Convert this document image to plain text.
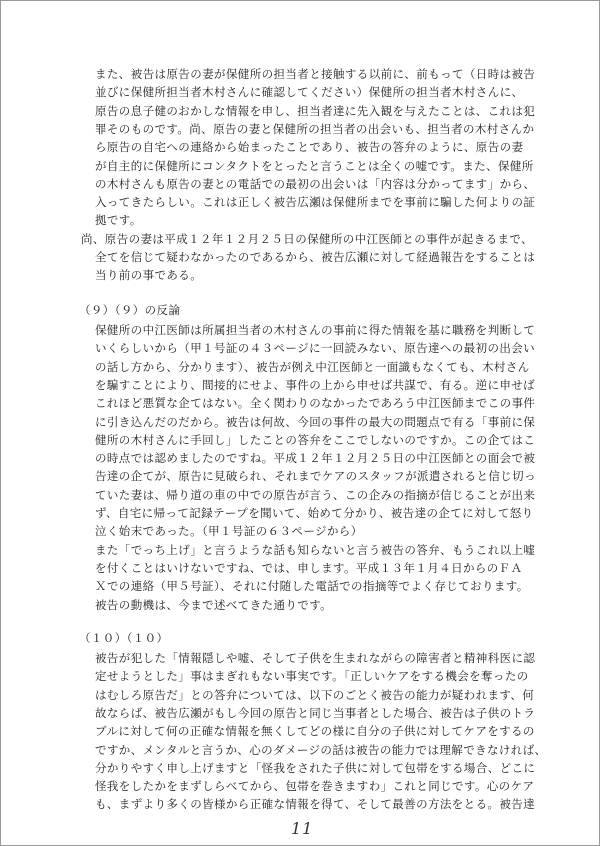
また、被告は原告の妻が保健所の担当者と接触する以前に、前もって（日時は被告
並びに保健所担当者木村さんに確認してください）保健所の担当者木村さんに、
原告の息子健のおかしな情報を申し、担当者達に先入観を与えたことは、これは犯
罪そのものです。尚、原告の妻と保健所の担当者の出会いも、担当者の木村さんか
ら原告の自宅への連絡から始まったことであり、被告の答弁のように、原告の妻
が自主的に保健所にコンタクトをとったと言うことは全くの嘘です。また、保健所
の木村さんも原告の妻との電話での最初の出会いは「内容は分かってます」から、
入ってきたらしい。これは正しく被告広瀬は保健所までを事前に騙した何よりの証
拠です。
尚、原告の妻は平成１２年１２月２５日の保健所の中江医師との事件が起きるまで、
全てを信じて疑わなかったのであるから、被告広瀬に対して経過報告をすることは
当り前の事である。
（９）（９）の反論
保健所の中江医師は所属担当者の木村さんの事前に得た情報を基に職務を判断して
いくらしいから（甲１号証の４３ページに一回読みない、原告達への最初の出会い
の話し方から、分かります）、被告が例え中江医師と一面識もなくても、木村さん
を騙すことにより、間接的にせよ、事件の上から申せば共謀で、有る。逆に申せば
これほど悪質な企てはない。全く関わりのなかったであろう中江医師までこの事件
に引き込んだのだから。被告は何故、今回の事件の最大の問題点で有る「事前に保
健所の木村さんに手回し」したことの答弁をここでしないのですか。この企てはこ
の時点では認めましたのですね。平成１２年１２月２５日の中江医師との面会で被
告達の企てが、原告に見破られ、それまでケアのスタッフが派遣されると信じ切っ
ていた妻は、帰り道の車の中での原告が言う、この企みの指摘が信じることが出来
ず、自宅に帰って記録テープを聞いて、始めて分かり、被告達の企てに対して怒り
泣く始末であった。（甲１号証の６３ページから）
また「でっち上げ」と言うような話も知らないと言う被告の答弁、もうこれ以上嘘
を付くことはいけないですね、では、申します。平成１３年１月４日からのＦＡ
Ｘでの連絡（甲５号証）、それに付随した電話での指摘等でよく存じております。
被告の動機は、今まで述べてきた通りです。
（１０）（１０）
被告が犯した「情報隠しや嘘、そして子供を生まれながらの障害者と精神科医に認
定せようとした」事はまぎれもない事実です。「正しいケアをする機会を奪ったの
はむしろ原告だ」との答弁については、以下のごとく被告の能力が疑われます、何
故ならば、被告広瀬がもし今回の原告と同じ当事者とした場合、被告は子供のトラ
ブルに対して何の正確な情報を無くしてどの様に自分の子供に対してケアをするの
ですか、メンタルと言うか、心のダメージの話は被告の能力では理解できなければ、
分かりやすく申し上げますと「怪我をされた子供に対して包帯をする場合、どこに
怪我をしたかをまずしらべてから、包帯を巻きますわ」これと同じです。心のケア
も、まずより多くの皆様から正確な情報を得て、そして最善の方法をとる。被告達
11
